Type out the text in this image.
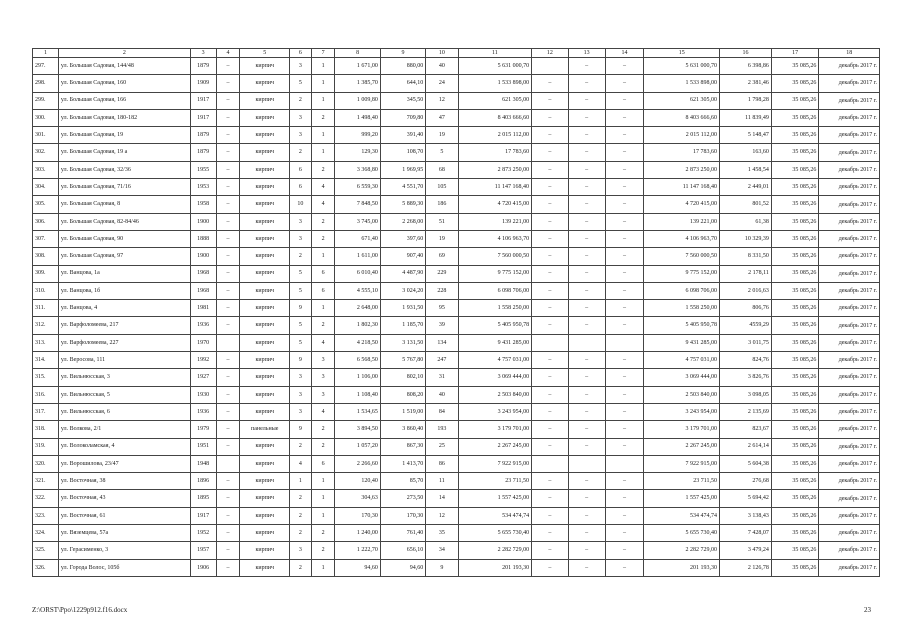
1	2	3	4	5	6	7	8	9	10	11	12	13	14	15	16	17	18
297.	ул. Большая Садовая, 144/48	1879	–	кирпич	3	1	1 671,00	880,00	40	5 631 000,70		–	–	5 631 000,70	6 398,86	35 085,26	декабрь 2017 г.
298.	ул. Большая Садовая, 160	1909	–	кирпич	5	1	1 385,70	644,10	24	1 533 898,00	–	–	–	1 533 898,00	2 381,46	35 085,26	декабрь 2017 г.
299.	ул. Большая Садовая, 166	1917	–	кирпич	2	1	1 009,80	345,50	12	621 305,00	–	–	–	621 305,00	1 798,28	35 085,26	декабрь 2017 г.
300.	ул. Большая Садовая, 180-182	1917	–	кирпич	3	2	1 498,40	709,80	47	8 403 666,60	–	–	–	8 403 666,60	11 839,49	35 085,26	декабрь 2017 г.
301.	ул. Большая Садовая, 19	1879	–	кирпич	3	1	999,20	391,40	19	2 015 112,00	–	–	–	2 015 112,00	5 148,47	35 085,26	декабрь 2017 г.
302.	ул. Большая Садовая, 19 а	1879	–	кирпич	2	1	129,30	108,70	5	17 783,60	–	–	–	17 783,60	163,60	35 085,26	декабрь 2017 г.
303.	ул. Большая Садовая, 32/36	1955	–	кирпич	6	2	3 368,80	1 969,95	68	2 873 250,00	–	–	–	2 873 250,00	1 458,54	35 085,26	декабрь 2017 г.
304.	ул. Большая Садовая, 71/16	1953	–	кирпич	6	4	6 559,30	4 551,70	105	11 147 168,40	–	–	–	11 147 168,40	2 449,01	35 085,26	декабрь 2017 г.
305.	ул. Большая Садовая, 8	1958	–	кирпич	10	4	7 848,50	5 889,30	186	4 720 415,00	–	–	–	4 720 415,00	801,52	35 085,26	декабрь 2017 г.
306.	ул. Большая Садовая, 82-84/46	1900	–	кирпич	3	2	3 745,00	2 268,00	51	139 221,00	–	–	–	139 221,00	61,38	35 085,26	декабрь 2017 г.
307.	ул. Большая Садовая, 90	1888	–	кирпич	3	2	671,40	397,60	19	4 106 963,70	–	–	–	4 106 963,70	10 329,39	35 085,26	декабрь 2017 г.
308.	ул. Большая Садовая, 97	1900	–	кирпич	2	1	1 611,00	907,40	69	7 560 000,50	–	–	–	7 560 000,50	8 331,50	35 085,26	декабрь 2017 г.
309.	ул. Ванцова, 1а	1968	–	кирпич	5	6	6 010,40	4 487,90	229	9 775 152,00	–	–	–	9 775 152,00	2 178,11	35 085,26	декабрь 2017 г.
310.	ул. Ванцова, 1б	1968	–	кирпич	5	6	4 555,10	3 024,20	228	6 098 706,00	–	–	–	6 098 706,00	2 016,63	35 085,26	декабрь 2017 г.
311.	ул. Ванцова, 4	1981	–	кирпич	9	1	2 648,00	1 931,50	95	1 558 250,00	–	–	–	1 558 250,00	806,76	35 085,26	декабрь 2017 г.
312.	ул. Варфоломеева, 217	1936	–	кирпич	5	2	1 802,30	1 185,70	39	5 405 950,78	–	–	–	5 405 950,78	4559,29	35 085,26	декабрь 2017 г.
313.	ул. Варфоломеева, 227	1970		кирпич	5	4	4 218,50	3 131,50	134	9 431 285,00				9 431 285,00	3 011,75	35 085,26	декабрь 2017 г.
314.	ул. Веросова, 111	1992	–	кирпич	9	3	6 568,50	5 767,80	247	4 757 031,00	–	–	–	4 757 031,00	824,76	35 085,26	декабрь 2017 г.
315.	ул. Вильнюсская, 3	1927	–	кирпич	3	3	1 106,00	802,10	31	3 069 444,00	–	–	–	3 069 444,00	3 826,76	35 085,26	декабрь 2017 г.
316.	ул. Вильнюсская, 5	1930	–	кирпич	3	3	1 108,40	808,20	40	2 503 840,00	–	–	–	2 503 840,00	3 098,05	35 085,26	декабрь 2017 г.
317.	ул. Вильнюсская, 6	1936	–	кирпич	3	4	1 534,65	1 519,00	84	3 243 954,00	–	–	–	3 243 954,00	2 135,69	35 085,26	декабрь 2017 г.
318.	ул. Волкова, 2/1	1979	–	панельные	9	2	3 894,50	3 860,40	193	3 179 701,00	–	–	–	3 179 701,00	823,67	35 085,26	декабрь 2017 г.
319.	ул. Волоколамская, 4	1951	–	кирпич	2	2	1 057,20	867,30	25	2 267 245,00	–	–	–	2 267 245,00	2 614,14	35 085,26	декабрь 2017 г.
320.	ул. Ворошилова, 23/47	1948		кирпич	4	6	2 266,60	1 413,70	86	7 922 915,00				7 922 915,00	5 604,38	35 085,26	декабрь 2017 г.
321.	ул. Восточная, 38	1896	–	кирпич	1	1	120,40	85,70	11	23 711,50	–	–	–	23 711,50	276,68	35 085,26	декабрь 2017 г.
322.	ул. Восточная, 43	1895	–	кирпич	2	1	304,63	273,50	14	1 557 425,00	–	–	–	1 557 425,00	5 694,42	35 085,26	декабрь 2017 г.
323.	ул. Восточная, 61	1917	–	кирпич	2	1	170,30	170,30	12	534 474,74	–	–	–	534 474,74	3 138,43	35 085,26	декабрь 2017 г.
324.	ул. Вяземцева, 57а	1952	–	кирпич	2	2	1 240,00	761,40	35	5 655 730,40	–	–	–	5 655 730,40	7 428,07	35 085,26	декабрь 2017 г.
325.	ул. Герасименко, 3	1957	–	кирпич	3	2	1 222,70	656,10	34	2 282 729,00	–	–	–	2 282 729,00	3 479,24	35 085,26	декабрь 2017 г.
326.	ул. Города Волос, 105б	1906	–	кирпич	2	1	94,60	94,60	9	201 193,30	–	–	–	201 193,30	2 126,78	35 085,26	декабрь 2017 г.
Z:\ORST\Ppo\1229p912.f16.docx	23
